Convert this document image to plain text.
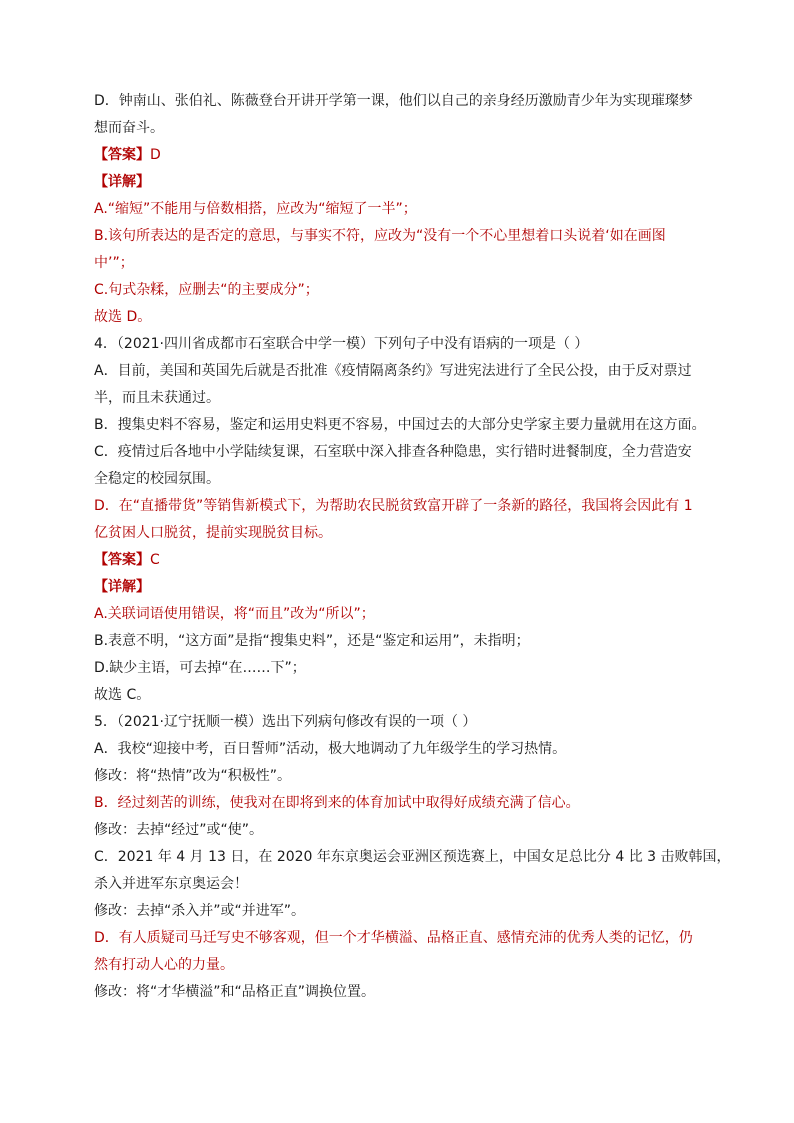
D．钟南山、张伯礼、陈薇登台开讲开学第一课，他们以自己的亲身经历激励青少年为实现璀璨梦
想而奋斗。
【答案】D
【详解】
A.“缩短”不能用与倍数相搭，应改为“缩短了一半”；
B.该句所表达的是否定的意思，与事实不符，应改为“没有一个不心里想着口头说着‘如在画图
中’”；
C.句式杂糅，应删去“的主要成分”；
故选 D。
4．（2021·四川省成都市石室联合中学一模）下列句子中没有语病的一项是（ ）
A．目前，美国和英国先后就是否批准《疫情隔离条约》写进宪法进行了全民公投，由于反对票过
半，而且未获通过。
B．搜集史料不容易，鉴定和运用史料更不容易，中国过去的大部分史学家主要力量就用在这方面。
C．疫情过后各地中小学陆续复课，石室联中深入排查各种隐患，实行错时进餐制度，全力营造安
全稳定的校园氛围。
D．在“直播带货”等销售新模式下，为帮助农民脱贫致富开辟了一条新的路径，我国将会因此有 1
亿贫困人口脱贫，提前实现脱贫目标。
【答案】C
【详解】
A.关联词语使用错误，将“而且”改为“所以”；
B.表意不明，“这方面”是指“搜集史料”，还是“鉴定和运用”，未指明；
D.缺少主语，可去掉“在……下”；
故选 C。
5．（2021·辽宁抚顺一模）选出下列病句修改有误的一项（ ）
A．我校“迎接中考，百日誓师”活动，极大地调动了九年级学生的学习热情。
修改：将“热情”改为“积极性”。
B．经过刻苦的训练，使我对在即将到来的体育加试中取得好成绩充满了信心。
修改：去掉“经过”或“使”。
C．2021 年 4 月 13 日，在 2020 年东京奥运会亚洲区预选赛上，中国女足总比分 4 比 3 击败韩国，
杀入并进军东京奥运会！
修改：去掉“杀入并”或“并进军”。
D．有人质疑司马迁写史不够客观，但一个才华横溢、品格正直、感情充沛的优秀人类的记忆，仍
然有打动人心的力量。
修改：将“才华横溢”和“品格正直”调换位置。
